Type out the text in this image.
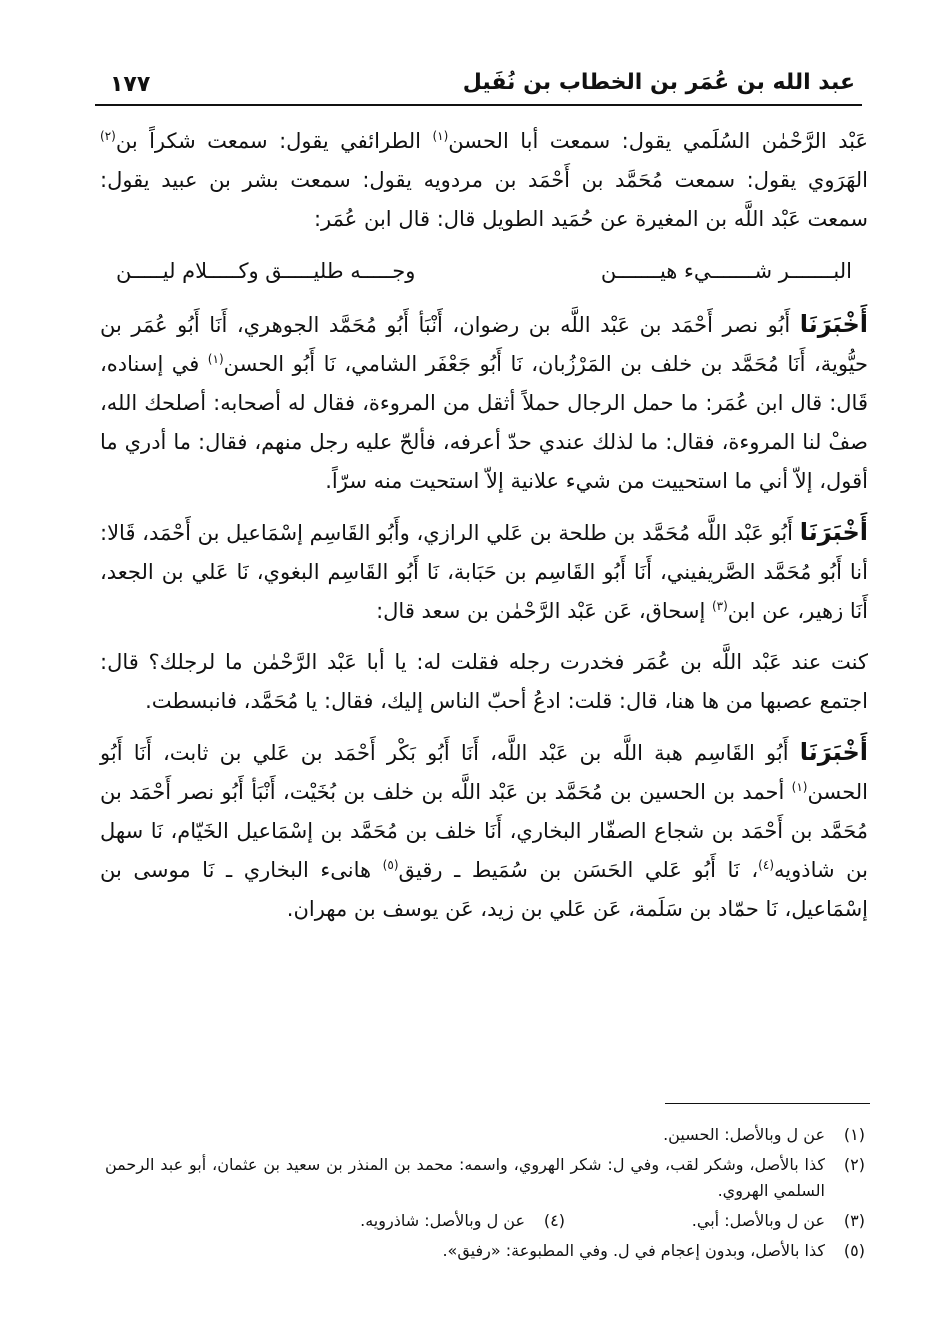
عبد الله بن عُمَر بن الخطاب بن نُفَيل
١٧٧

عَبْد الرَّحْمٰن السُلَمي يقول: سمعت أبا الحسن$^{(١)}$ الطرائفي يقول: سمعت شكراً بن$^{(٢)}$ الهَرَوي يقول: سمعت مُحَمَّد بن أَحْمَد بن مردويه يقول: سمعت بشر بن عبيد يقول: سمعت عَبْد اللَّه بن المغيرة عن حُمَيد الطويل قال: قال ابن عُمَر:

البـــــــر شـــــــيء هيـــــــن
وجـــــه طليـــــق وكـــــلام ليـــــن

أَخْبَرَنَا أَبُو نصر أَحْمَد بن عَبْد اللَّه بن رضوان، أَنْبَأ أَبُو مُحَمَّد الجوهري، أَنَا أَبُو عُمَر بن حيُّوية، أَنَا مُحَمَّد بن خلف بن المَرْزُبان، نَا أَبُو جَعْفَر الشامي، نَا أَبُو الحسن$^{(١)}$ في إسناده، قَال: قال ابن عُمَر: ما حمل الرجال حملاً أثقل من المروءة، فقال له أصحابه: أصلحك الله، صفْ لنا المروءة، فقال: ما لذلك عندي حدّ أعرفه، فألحّ عليه رجل منهم، فقال: ما أدري ما أقول، إلاّ أني ما استحييت من شيء علانية إلاّ استحيت منه سرّاً.

أَخْبَرَنَا أَبُو عَبْد اللَّه مُحَمَّد بن طلحة بن عَلي الرازي، وأَبُو القَاسِم إسْمَاعيل بن أَحْمَد، قَالا: أنا أَبُو مُحَمَّد الصَّريفيني، أَنَا أَبُو القَاسِم بن حَبَابة، نَا أَبُو القَاسِم البغوي، نَا عَلي بن الجعد، أَنَا زهير، عن ابن$^{(٣)}$ إسحاق، عَن عَبْد الرَّحْمٰن بن سعد قال:

كنت عند عَبْد اللَّه بن عُمَر فخدرت رجله فقلت له: يا أبا عَبْد الرَّحْمٰن ما لرجلك؟ قال: اجتمع عصبها من ها هنا، قال: قلت: ادعُ أحبّ الناس إليك، فقال: يا مُحَمَّد، فانبسطت.

أَخْبَرَنَا أَبُو القَاسِم هبة اللَّه بن عَبْد اللَّه، أَنَا أَبُو بَكْر أَحْمَد بن عَلي بن ثابت، أَنَا أَبُو الحسن$^{(١)}$ أحمد بن الحسين بن مُحَمَّد بن عَبْد اللَّه بن خلف بن بُخَيْت، أَنْبَأ أَبُو نصر أَحْمَد بن مُحَمَّد بن أَحْمَد بن شجاع الصفّار البخاري، أَنَا خلف بن مُحَمَّد بن إسْمَاعيل الخَيّام، نَا سهل بن شاذويه$^{(٤)}$، نَا أَبُو عَلي الحَسَن بن سُمَيط ـ رقيق$^{(٥)}$ هانىء البخاري ـ نَا موسى بن إسْمَاعيل، نَا حمّاد بن سَلَمة، عَن عَلي بن زيد، عَن يوسف بن مهران.

(١)
عن ل وبالأصل: الحسين.
(٢)
كذا بالأصل، وشكر لقب، وفي ل: شكر الهروي، واسمه: محمد بن المنذر بن سعيد بن عثمان، أبو عبد الرحمن السلمي الهروي.
(٣)
عن ل وبالأصل: أبي.
(٤)
عن ل وبالأصل: شاذرويه.
(٥)
كذا بالأصل، وبدون إعجام في ل. وفي المطبوعة: «رفيق».
